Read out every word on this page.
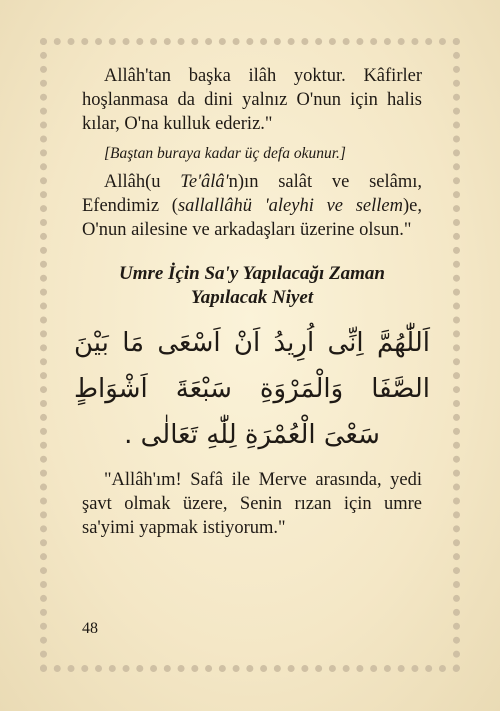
Allâh'tan başka ilâh yoktur. Kâfirler hoşlanmasa da dini yalnız O'nun için halis kılar, O'na kulluk ederiz."

[Baştan buraya kadar üç defa okunur.]

Allâh(u Te'âlâ'n)ın salât ve selâmı, Efendimiz (sallallâhü 'aleyhi ve sellem)e, O'nun ailesine ve arkadaşları üzerine olsun."

Umre İçin Sa'y Yapılacağı Zaman
Yapılacak Niyet

اَللّٰهُمَّ اِنِّى اُرِيدُ اَنْ اَسْعَى مَا بَيْنَ الصَّفَا وَالْمَرْوَةِ سَبْعَةَ اَشْوَاطٍ سَعْىَ الْعُمْرَةِ لِلّٰهِ تَعَالٰى .

"Allâh'ım! Safâ ile Merve arasında, yedi şavt olmak üzere, Senin rızan için umre sa'yimi yapmak istiyorum."

48
